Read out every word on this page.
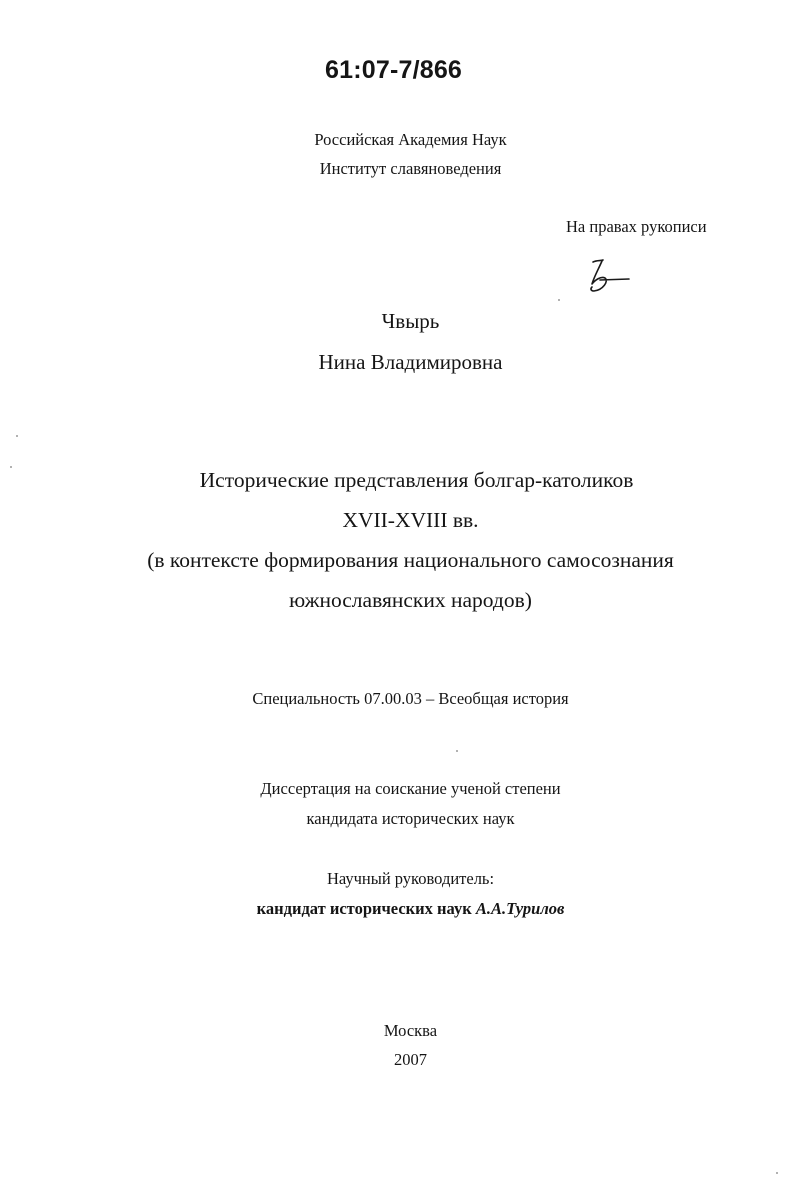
61:07-7/866
Российская Академия Наук
Институт славяноведения
На правах рукописи
Чвырь
Нина Владимировна
Исторические представления болгар-католиков
XVII-XVIII вв.
(в контексте формирования национального самосознания
южнославянских народов)
Специальность 07.00.03 – Всеобщая история
Диссертация на соискание ученой степени
кандидата исторических наук
Научный руководитель:
кандидат исторических наук А.А.Турилов
Москва
2007
